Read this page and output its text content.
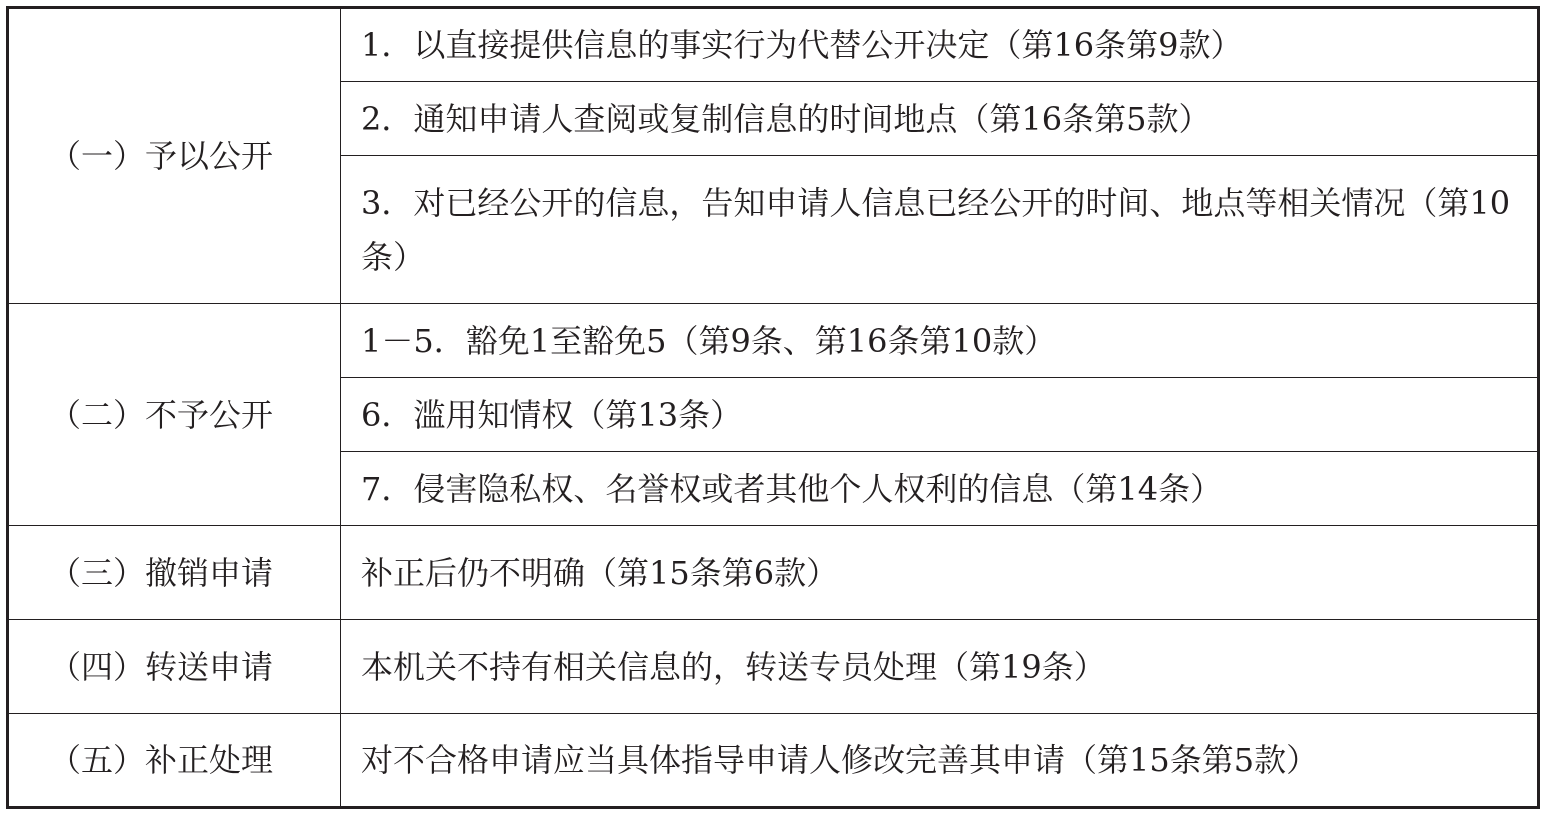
（一）予以公开	1．以直接提供信息的事实行为代替公开决定（第16条第9款）

	2．通知申请人查阅或复制信息的时间地点（第16条第5款）

	3．对已经公开的信息，告知申请人信息已经公开的时间、地点等相关情况（第10条）

（二）不予公开	1－5．豁免1至豁免5（第9条、第16条第10款）

	6．滥用知情权（第13条）

	7．侵害隐私权、名誉权或者其他个人权利的信息（第14条）

（三）撤销申请	补正后仍不明确（第15条第6款）

（四）转送申请	本机关不持有相关信息的，转送专员处理（第19条）

（五）补正处理	对不合格申请应当具体指导申请人修改完善其申请（第15条第5款）
